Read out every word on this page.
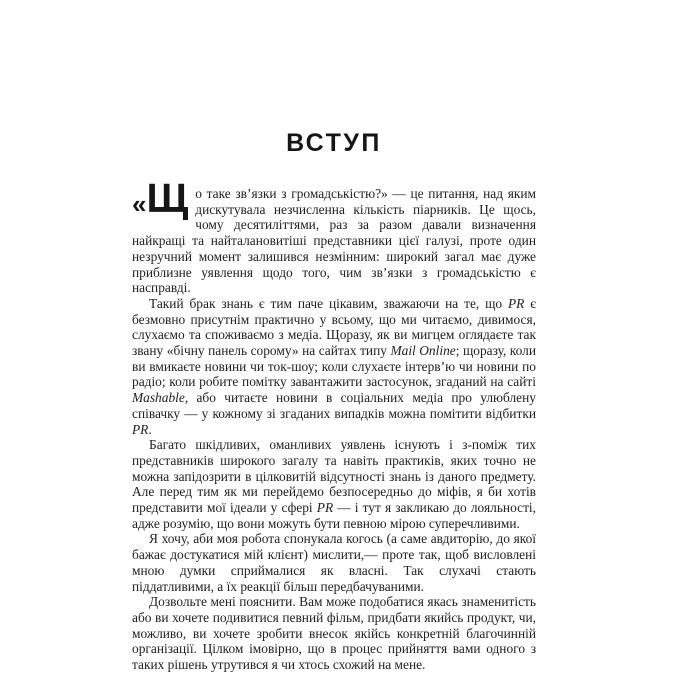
ВСТУП

«Щ о таке зв’язки з громадськістю?» — це питання, над яким дискутувала незчисленна кількість піарників. Це щось, чому десятиліттями, раз за разом давали визначення найкращі та найталановитіші представники цієї галузі, проте один незручний момент залишився незмінним: широкий загал має дуже приблизне уявлення щодо того, чим зв’язки з громадськістю є насправді.

Такий брак знань є тим паче цікавим, зважаючи на те, що PR є безмовно присутнім практично у всьому, що ми читаємо, дивимося, слухаємо та споживаємо з медіа. Щоразу, як ви мигцем оглядаєте так звану «бічну панель сорому» на сайтах типу Mail Online; щоразу, коли ви вмикаєте новини чи ток-шоу; коли слухаєте інтерв’ю чи новини по радіо; коли робите помітку завантажити застосунок, згаданий на сайті Mashable, або читаєте новини в соціальних медіа про улюблену співачку — у кожному зі згаданих випадків можна помітити відбитки PR.

Багато шкідливих, оманливих уявлень існують і з-поміж тих представників широкого загалу та навіть практиків, яких точно не можна запідозрити в цілковитій відсутності знань із даного предмету. Але перед тим як ми перейдемо безпосередньо до міфів, я би хотів представити мої ідеали у сфері PR — і тут я закликаю до лояльності, адже розумію, що вони можуть бути певною мірою суперечливими.

Я хочу, аби моя робота спонукала когось (а саме авдиторію, до якої бажає достукатися мій клієнт) мислити,— проте так, щоб висловлені мною думки сприймалися як власні. Так слухачі стають піддатливими, а їх реакції більш передбачуваними.

Дозвольте мені пояснити. Вам може подобатися якась знаменитість або ви хочете подивитися певний фільм, придбати якийсь продукт, чи, можливо, ви хочете зробити внесок якійсь конкретній благочинній організації. Цілком імовірно, що в процес прийняття вами одного з таких рішень утрутився я чи хтось схожий на мене.
